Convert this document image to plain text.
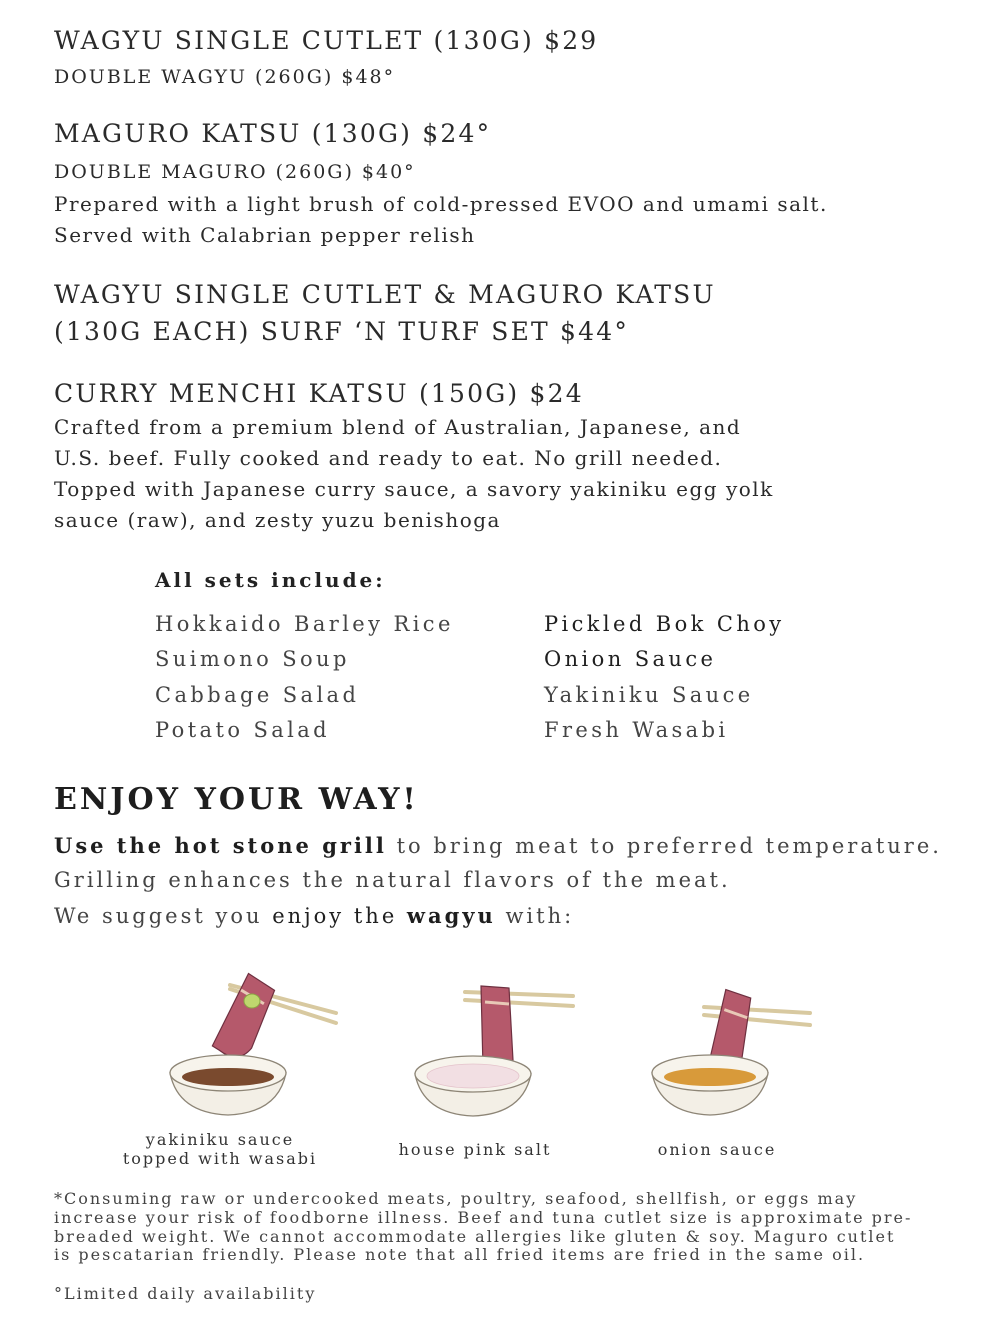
WAGYU SINGLE CUTLET (130G) $29
DOUBLE WAGYU (260G) $48°
MAGURO KATSU (130G) $24°
DOUBLE MAGURO (260G) $40°
Prepared with a light brush of cold-pressed EVOO and umami salt.
Served with Calabrian pepper relish
WAGYU SINGLE CUTLET & MAGURO KATSU
(130G EACH) SURF ‘N TURF SET $44°
CURRY MENCHI KATSU (150G) $24
Crafted from a premium blend of Australian, Japanese, and
U.S. beef. Fully cooked and ready to eat. No grill needed.
Topped with Japanese curry sauce, a savory yakiniku egg yolk
sauce (raw), and zesty yuzu benishoga
All sets include:
Hokkaido Barley Rice
Suimono Soup
Cabbage Salad
Potato Salad
Pickled Bok Choy
Onion Sauce
Yakiniku Sauce
Fresh Wasabi
ENJOY YOUR WAY!
Use the hot stone grill to bring meat to preferred temperature.
Grilling enhances the natural flavors of the meat.
We suggest you enjoy the wagyu with:
yakiniku sauce
topped with wasabi	house pink salt	onion sauce
*Consuming raw or undercooked meats, poultry, seafood, shellfish, or eggs may
increase your risk of foodborne illness. Beef and tuna cutlet size is approximate pre-
breaded weight. We cannot accommodate allergies like gluten & soy. Maguro cutlet
is pescatarian friendly. Please note that all fried items are fried in the same oil.
°Limited daily availability
